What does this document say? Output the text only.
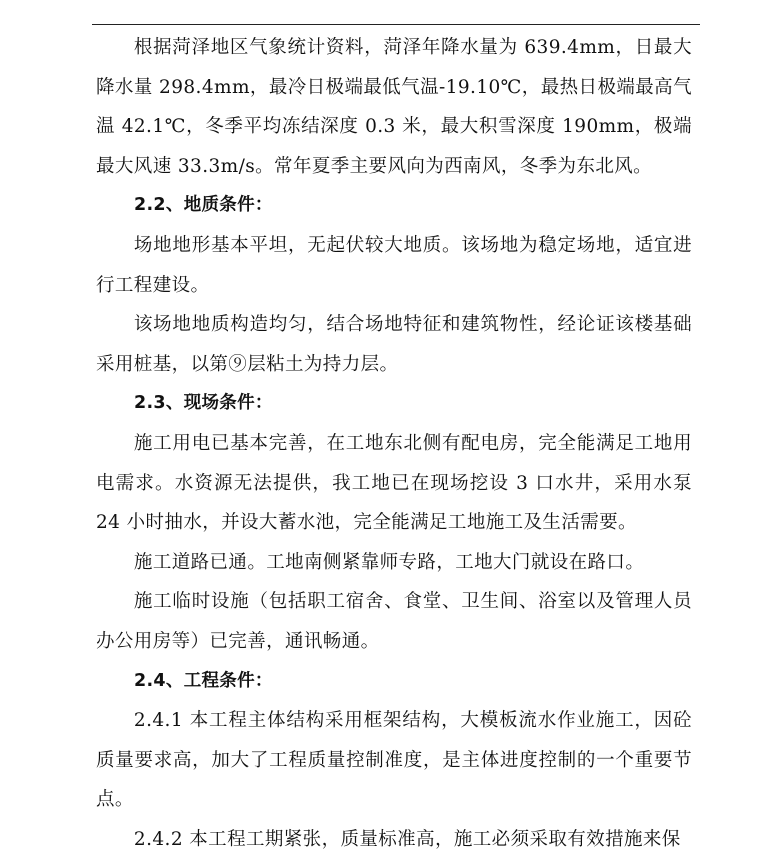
根据菏泽地区气象统计资料，菏泽年降水量为 639.4mm，日最大降水量 298.4mm，最冷日极端最低气温-19.10℃，最热日极端最高气温 42.1℃，冬季平均冻结深度 0.3 米，最大积雪深度 190mm，极端最大风速 33.3m/s。常年夏季主要风向为西南风，冬季为东北风。

2.2、地质条件：

场地地形基本平坦，无起伏较大地质。该场地为稳定场地，适宜进行工程建设。

该场地地质构造均匀，结合场地特征和建筑物性，经论证该楼基础采用桩基，以第⑨层粘土为持力层。

2.3、现场条件：

施工用电已基本完善，在工地东北侧有配电房，完全能满足工地用电需求。水资源无法提供，我工地已在现场挖设 3 口水井，采用水泵 24 小时抽水，并设大蓄水池，完全能满足工地施工及生活需要。

施工道路已通。工地南侧紧靠师专路，工地大门就设在路口。

施工临时设施（包括职工宿舍、食堂、卫生间、浴室以及管理人员办公用房等）已完善，通讯畅通。

2.4、工程条件：

2.4.1 本工程主体结构采用框架结构，大模板流水作业施工，因砼质量要求高，加大了工程质量控制准度，是主体进度控制的一个重要节点。

2.4.2 本工程工期紧张，质量标准高，施工必须采取有效措施来保
